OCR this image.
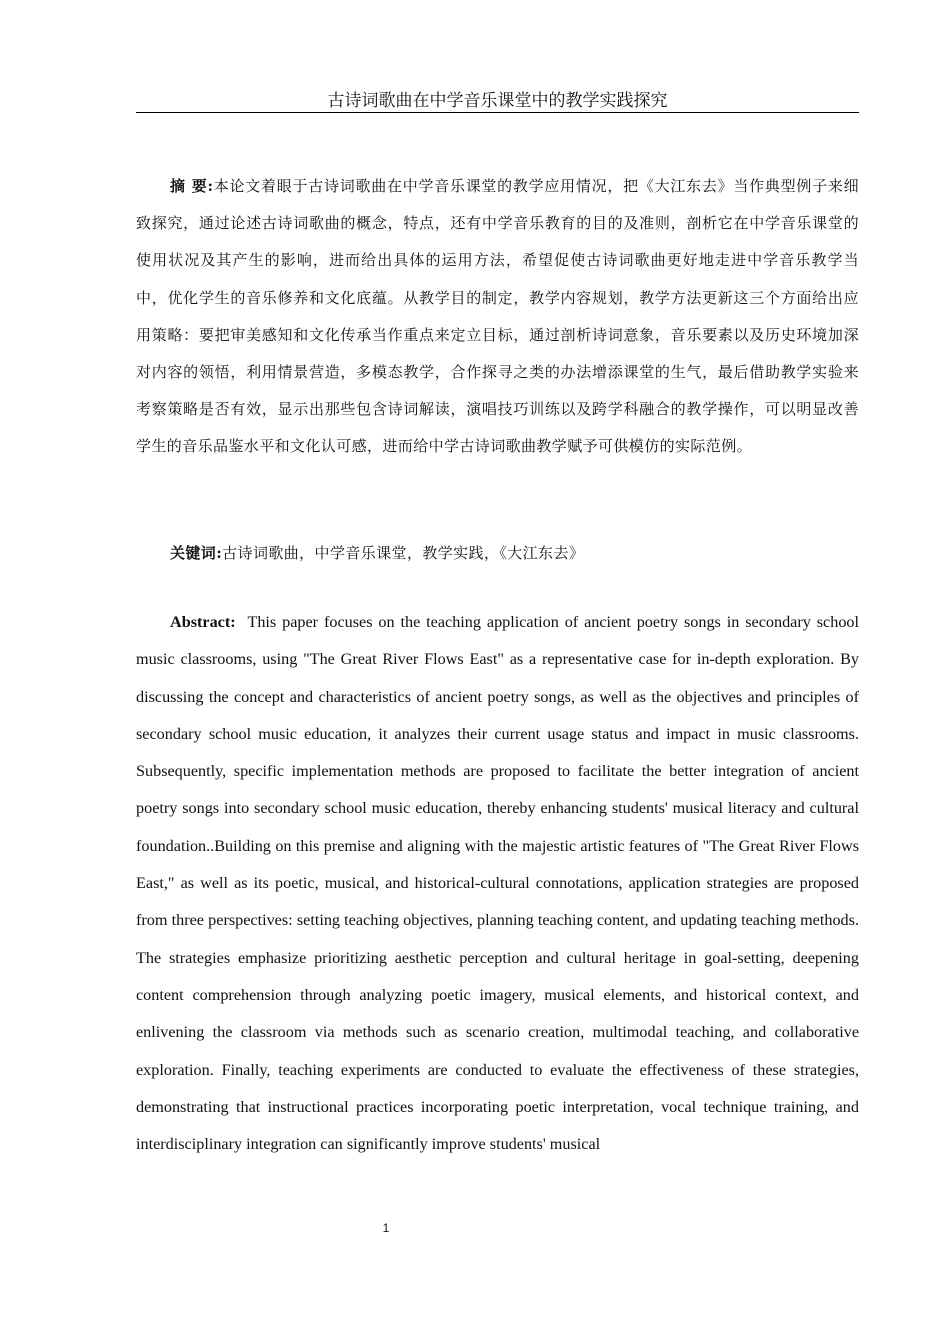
古诗词歌曲在中学音乐课堂中的教学实践探究

摘 要:本论文着眼于古诗词歌曲在中学音乐课堂的教学应用情况，把《大江东去》当作典型例子来细致探究，通过论述古诗词歌曲的概念，特点，还有中学音乐教育的目的及准则，剖析它在中学音乐课堂的使用状况及其产生的影响，进而给出具体的运用方法，希望促使古诗词歌曲更好地走进中学音乐教学当中，优化学生的音乐修养和文化底蕴。从教学目的制定，教学内容规划，教学方法更新这三个方面给出应用策略：要把审美感知和文化传承当作重点来定立目标，通过剖析诗词意象，音乐要素以及历史环境加深对内容的领悟，利用情景营造，多模态教学，合作探寻之类的办法增添课堂的生气，最后借助教学实验来考察策略是否有效，显示出那些包含诗词解读，演唱技巧训练以及跨学科融合的教学操作，可以明显改善学生的音乐品鉴水平和文化认可感，进而给中学古诗词歌曲教学赋予可供模仿的实际范例。

关键词:古诗词歌曲，中学音乐课堂，教学实践，《大江东去》

Abstract: This paper focuses on the teaching application of ancient poetry songs in secondary school music classrooms, using "The Great River Flows East" as a representative case for in-depth exploration. By discussing the concept and characteristics of ancient poetry songs, as well as the objectives and principles of secondary school music education, it analyzes their current usage status and impact in music classrooms. Subsequently, specific implementation methods are proposed to facilitate the better integration of ancient poetry songs into secondary school music education, thereby enhancing students' musical literacy and cultural foundation..Building on this premise and aligning with the majestic artistic features of "The Great River Flows East," as well as its poetic, musical, and historical-cultural connotations, application strategies are proposed from three perspectives: setting teaching objectives, planning teaching content, and updating teaching methods. The strategies emphasize prioritizing aesthetic perception and cultural heritage in goal-setting, deepening content comprehension through analyzing poetic imagery, musical elements, and historical context, and enlivening the classroom via methods such as scenario creation, multimodal teaching, and collaborative exploration. Finally, teaching experiments are conducted to evaluate the effectiveness of these strategies, demonstrating that instructional practices incorporating poetic interpretation, vocal technique training, and interdisciplinary integration can significantly improve students' musical

1
